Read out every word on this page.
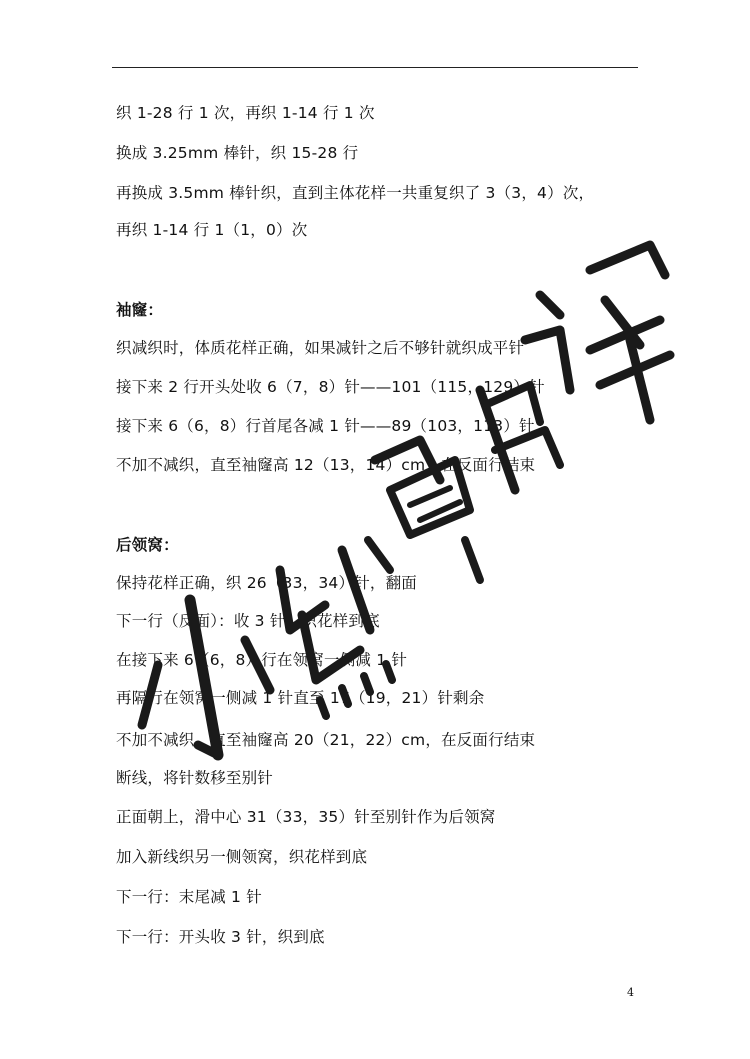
织 1-28 行 1 次，再织 1-14 行 1 次
换成 3.25mm 棒针，织 15-28 行
再换成 3.5mm 棒针织，直到主体花样一共重复织了 3（3，4）次，
再织 1-14 行 1（1，0）次
袖窿：
织减织时，体质花样正确，如果减针之后不够针就织成平针
接下来 2 行开头处收 6（7，8）针——101（115，129）针
接下来 6（6，8）行首尾各减 1 针——89（103，113）针
不加不减织，直至袖窿高 12（13，14）cm，在反面行结束
后领窝：
保持花样正确，织 26（33，34）针，翻面
下一行（反面）：收 3 针，织花样到底
在接下来 6（6，8）行在领窝一侧减 1 针
再隔行在领窝一侧减 1 针直至 17（19，21）针剩余
不加不减织，直至袖窿高 20（21，22）cm，在反面行结束
断线，将针数移至别针
正面朝上，滑中心 31（33，35）针至别针作为后领窝
加入新线织另一侧领窝，织花样到底
下一行：末尾减 1 针
下一行：开头收 3 针，织到底
4
